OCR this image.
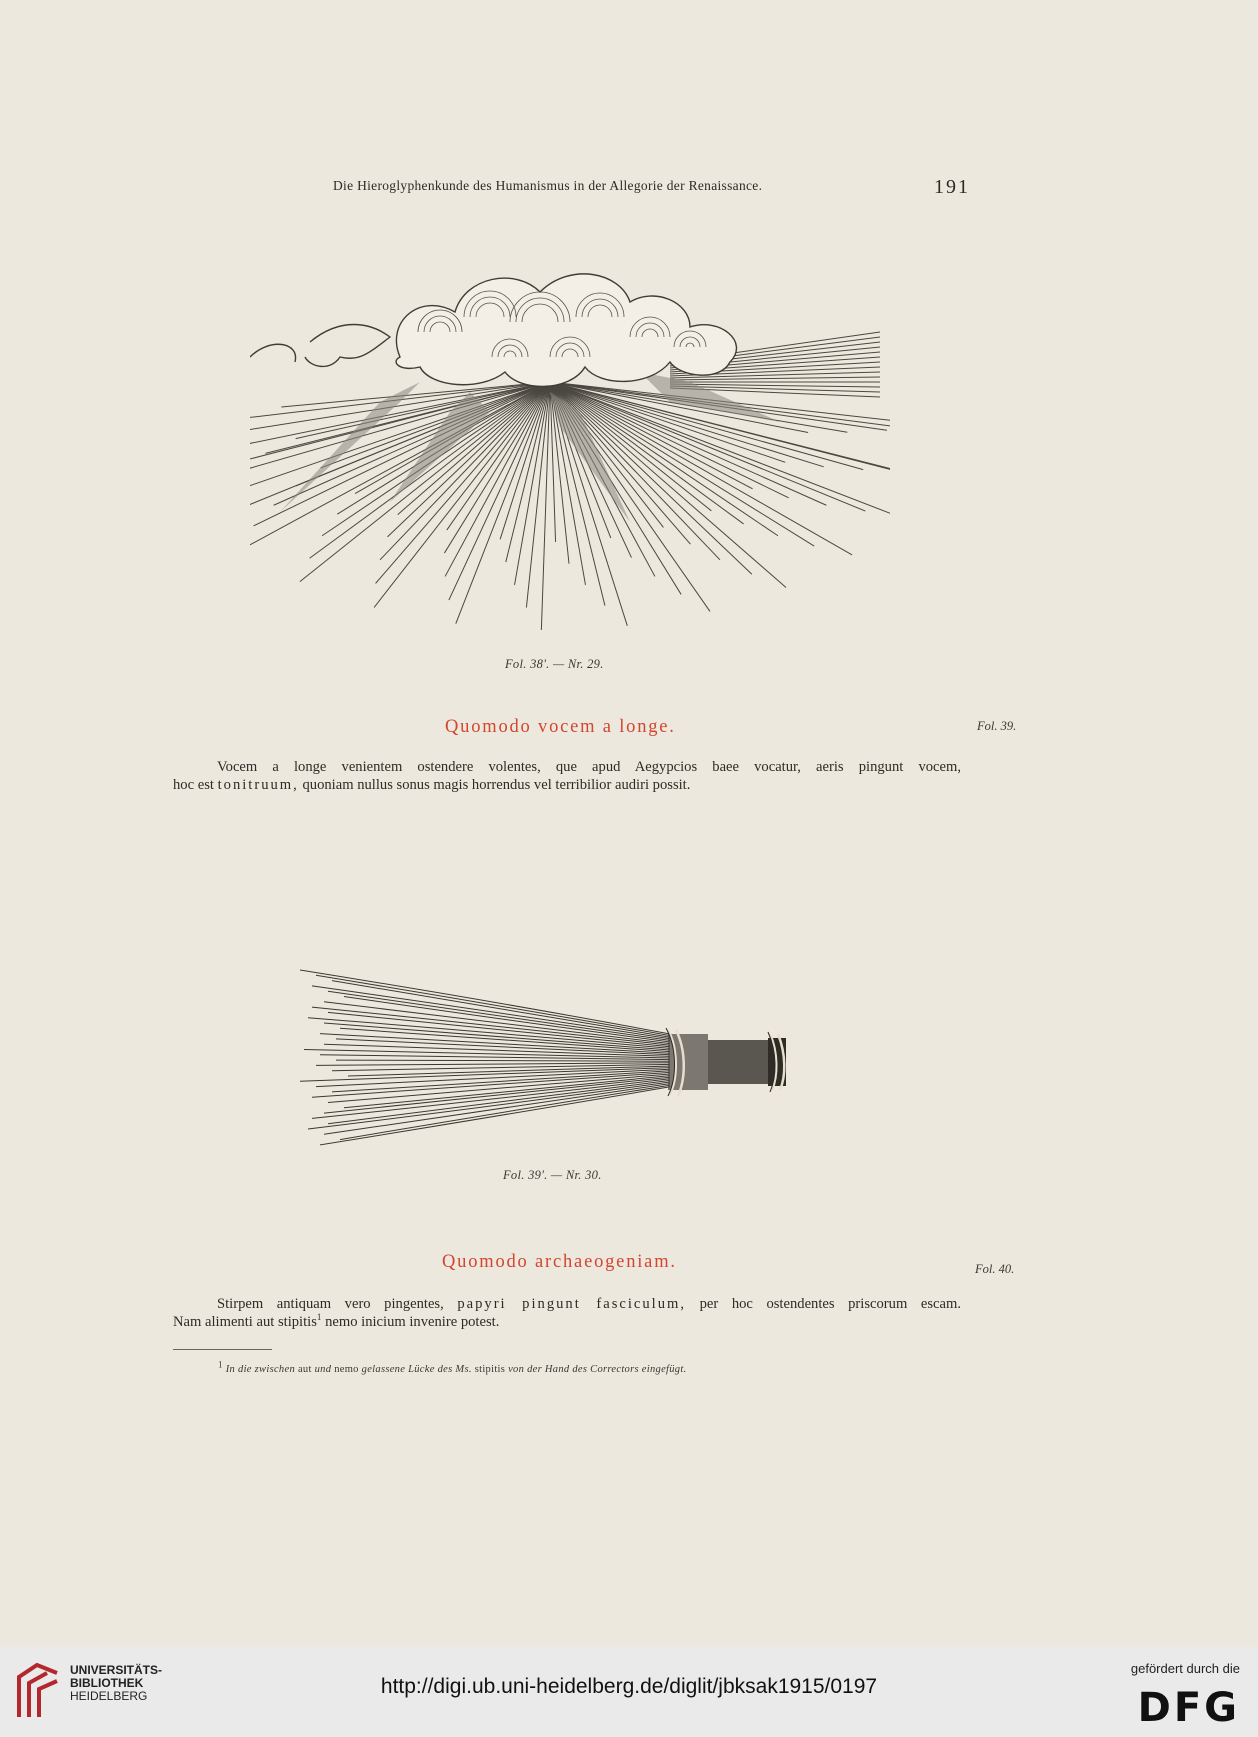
Die Hieroglyphenkunde des Humanismus in der Allegorie der Renaissance.	191
Fol. 38'. — Nr. 29.
Quomodo vocem a longe.	Fol. 39.
Vocem a longe venientem ostendere volentes, que apud Aegypcios baee vocatur, aeris pingunt vocem,
hoc est tonitruum, quoniam nullus sonus magis horrendus vel terribilior audiri possit.
Fol. 39'. — Nr. 30.
Quomodo archaeogeniam.	Fol. 40.
Stirpem antiquam vero pingentes, papyri pingunt fasciculum, per hoc ostendentes priscorum escam.
Nam alimenti aut stipitis$^1$ nemo inicium invenire potest.
1 In die zwischen aut und nemo gelassene Lücke des Ms. stipitis von der Hand des Correctors eingefügt.
UNIVERSITÄTS-
BIBLIOTHEK
HEIDELBERG	http://digi.ub.uni-heidelberg.de/diglit/jbksak1915/0197
gefördert durch die
DFG
